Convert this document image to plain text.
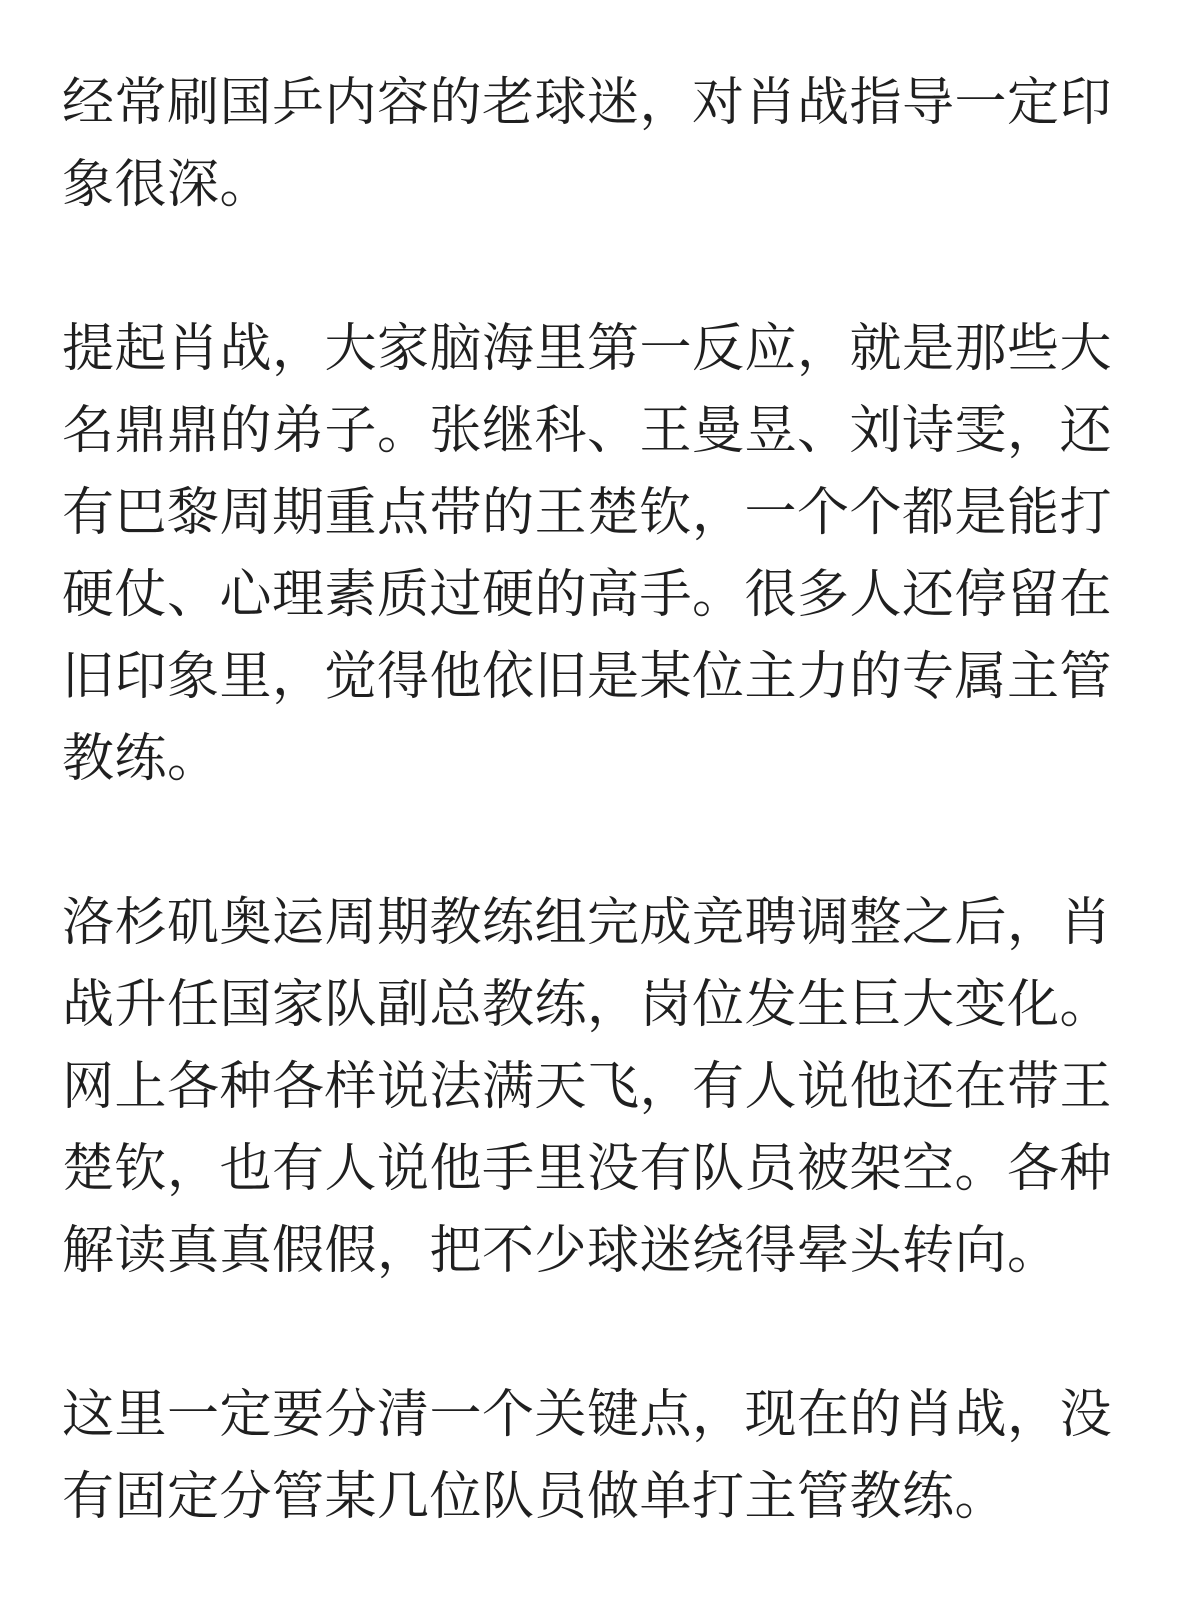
经常刷国乒内容的老球迷，对肖战指导一定印象很深。

提起肖战，大家脑海里第一反应，就是那些大名鼎鼎的弟子。张继科、王曼昱、刘诗雯，还有巴黎周期重点带的王楚钦，一个个都是能打硬仗、心理素质过硬的高手。很多人还停留在旧印象里，觉得他依旧是某位主力的专属主管教练。

洛杉矶奥运周期教练组完成竞聘调整之后，肖战升任国家队副总教练，岗位发生巨大变化。网上各种各样说法满天飞，有人说他还在带王楚钦，也有人说他手里没有队员被架空。各种解读真真假假，把不少球迷绕得晕头转向。

这里一定要分清一个关键点，现在的肖战，没有固定分管某几位队员做单打主管教练。
